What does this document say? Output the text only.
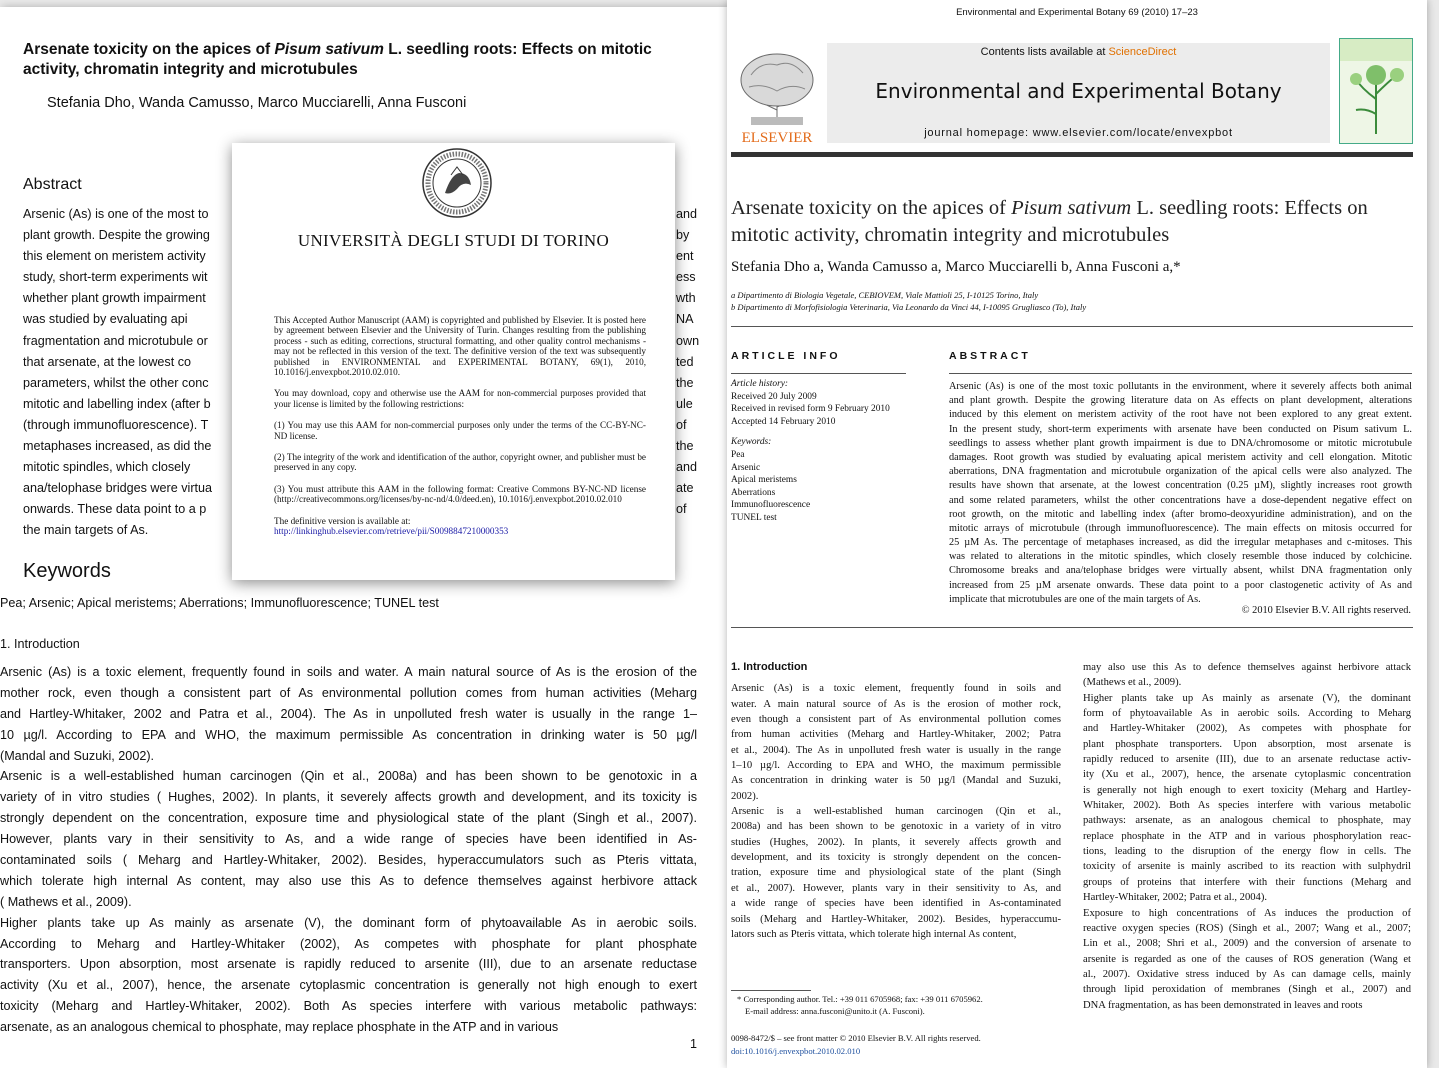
Arsenate toxicity on the apices of Pisum sativum L. seedling roots: Effects on mitotic activity, chromatin integrity and microtubules
Stefania Dho, Wanda Camusso, Marco Mucciarelli, Anna Fusconi
Abstract
Arsenic (As) is one of the most to
plant growth. Despite the growing
this element on meristem activity
study, short-term experiments wit
whether plant growth impairment
was studied by evaluating api
fragmentation and microtubule or
that arsenate, at the lowest co
parameters, whilst the other conc
mitotic and labelling index (after b
(through immunofluorescence). T
metaphases increased, as did the
mitotic spindles, which closely
ana/telophase bridges were virtua
onwards. These data point to a p
the main targets of As.
and
by
ent
ess
wth
NA
own
ted
the
ule
of
the
and
ate
of
Keywords
Pea; Arsenic; Apical meristems; Aberrations; Immunofluorescence; TUNEL test
1. Introduction
Arsenic (As) is a toxic element, frequently found in soils and water. A main natural source of As is the erosion of the
mother rock, even though a consistent part of As environmental pollution comes from human activities (Meharg
and Hartley-Whitaker, 2002 and Patra et al., 2004). The As in unpolluted fresh water is usually in the range 1–
10 µg/l. According to EPA and WHO, the maximum permissible As concentration in drinking water is 50 µg/l
(Mandal and Suzuki, 2002).
Arsenic is a well-established human carcinogen (Qin et al., 2008a) and has been shown to be genotoxic in a
variety of in vitro studies ( Hughes, 2002). In plants, it severely affects growth and development, and its toxicity is
strongly dependent on the concentration, exposure time and physiological state of the plant (Singh et al., 2007).
However, plants vary in their sensitivity to As, and a wide range of species have been identified in As-
contaminated soils ( Meharg and Hartley-Whitaker, 2002). Besides, hyperaccumulators such as Pteris vittata,
which tolerate high internal As content, may also use this As to defence themselves against herbivore attack
( Mathews et al., 2009).
Higher plants take up As mainly as arsenate (V), the dominant form of phytoavailable As in aerobic soils.
According to Meharg and Hartley-Whitaker (2002), As competes with phosphate for plant phosphate
transporters. Upon absorption, most arsenate is rapidly reduced to arsenite (III), due to an arsenate reductase
activity (Xu et al., 2007), hence, the arsenate cytoplasmic concentration is generally not high enough to exert
toxicity (Meharg and Hartley-Whitaker, 2002). Both As species interfere with various metabolic pathways:
arsenate, as an analogous chemical to phosphate, may replace phosphate in the ATP and in various
1
Environmental and Experimental Botany 69 (2010) 17–23
ELSEVIER
Contents lists available at ScienceDirect
Environmental and Experimental Botany
journal homepage: www.elsevier.com/locate/envexpbot
Arsenate toxicity on the apices of Pisum sativum L. seedling roots: Effects on mitotic activity, chromatin integrity and microtubules
Stefania Dho a, Wanda Camusso a, Marco Mucciarelli b, Anna Fusconi a,*
a Dipartimento di Biologia Vegetale, CEBIOVEM, Viale Mattioli 25, I-10125 Torino, Italy
b Dipartimento di Morfofisiologia Veterinaria, Via Leonardo da Vinci 44, I-10095 Grugliasco (To), Italy
ARTICLE INFO	ABSTRACT
Article history:
Received 20 July 2009
Received in revised form 9 February 2010
Accepted 14 February 2010
Keywords:
Pea
Arsenic
Apical meristems
Aberrations
Immunofluorescence
TUNEL test
Arsenic (As) is one of the most toxic pollutants in the environment, where it severely affects both animal
and plant growth. Despite the growing literature data on As effects on plant development, alterations
induced by this element on meristem activity of the root have not been explored to any great extent.
In the present study, short-term experiments with arsenate have been conducted on Pisum sativum L.
seedlings to assess whether plant growth impairment is due to DNA/chromosome or mitotic microtubule
damages. Root growth was studied by evaluating apical meristem activity and cell elongation. Mitotic
aberrations, DNA fragmentation and microtubule organization of the apical cells were also analyzed. The
results have shown that arsenate, at the lowest concentration (0.25 µM), slightly increases root growth
and some related parameters, whilst the other concentrations have a dose-dependent negative effect on
root growth, on the mitotic and labelling index (after bromo-deoxyuridine administration), and on the
mitotic arrays of microtubule (through immunofluorescence). The main effects on mitosis occurred for
25 µM As. The percentage of metaphases increased, as did the irregular metaphases and c-mitoses. This
was related to alterations in the mitotic spindles, which closely resemble those induced by colchicine.
Chromosome breaks and ana/telophase bridges were virtually absent, whilst DNA fragmentation only
increased from 25 µM arsenate onwards. These data point to a poor clastogenetic activity of As and
implicate that microtubules are one of the main targets of As.
© 2010 Elsevier B.V. All rights reserved.
1. Introduction
Arsenic (As) is a toxic element, frequently found in soils and
water. A main natural source of As is the erosion of mother rock,
even though a consistent part of As environmental pollution comes
from human activities (Meharg and Hartley-Whitaker, 2002; Patra
et al., 2004). The As in unpolluted fresh water is usually in the range
1–10 µg/l. According to EPA and WHO, the maximum permissible
As concentration in drinking water is 50 µg/l (Mandal and Suzuki,
2002).
Arsenic is a well-established human carcinogen (Qin et al.,
2008a) and has been shown to be genotoxic in a variety of in vitro
studies (Hughes, 2002). In plants, it severely affects growth and
development, and its toxicity is strongly dependent on the concen-
tration, exposure time and physiological state of the plant (Singh
et al., 2007). However, plants vary in their sensitivity to As, and
a wide range of species have been identified in As-contaminated
soils (Meharg and Hartley-Whitaker, 2002). Besides, hyperaccumu-
lators such as Pteris vittata, which tolerate high internal As content,
may also use this As to defence themselves against herbivore attack
(Mathews et al., 2009).
Higher plants take up As mainly as arsenate (V), the dominant
form of phytoavailable As in aerobic soils. According to Meharg
and Hartley-Whitaker (2002), As competes with phosphate for
plant phosphate transporters. Upon absorption, most arsenate is
rapidly reduced to arsenite (III), due to an arsenate reductase activ-
ity (Xu et al., 2007), hence, the arsenate cytoplasmic concentration
is generally not high enough to exert toxicity (Meharg and Hartley-
Whitaker, 2002). Both As species interfere with various metabolic
pathways: arsenate, as an analogous chemical to phosphate, may
replace phosphate in the ATP and in various phosphorylation reac-
tions, leading to the disruption of the energy flow in cells. The
toxicity of arsenite is mainly ascribed to its reaction with sulphydril
groups of proteins that interfere with their functions (Meharg and
Hartley-Whitaker, 2002; Patra et al., 2004).
Exposure to high concentrations of As induces the production of
reactive oxygen species (ROS) (Singh et al., 2007; Wang et al., 2007;
Lin et al., 2008; Shri et al., 2009) and the conversion of arsenate to
arsenite is regarded as one of the causes of ROS generation (Wang et
al., 2007). Oxidative stress induced by As can damage cells, mainly
through lipid peroxidation of membranes (Singh et al., 2007) and
DNA fragmentation, as has been demonstrated in leaves and roots
* Corresponding author. Tel.: +39 011 6705968; fax: +39 011 6705962.
E-mail address: anna.fusconi@unito.it (A. Fusconi).
0098-8472/$ – see front matter © 2010 Elsevier B.V. All rights reserved.
doi:10.1016/j.envexpbot.2010.02.010
UNIVERSITÀ DEGLI STUDI DI TORINO

This Accepted Author Manuscript (AAM) is copyrighted and published by Elsevier. It is posted here by agreement between Elsevier and the University of Turin. Changes resulting from the publishing process - such as editing, corrections, structural formatting, and other quality control mechanisms - may not be reflected in this version of the text. The definitive version of the text was subsequently published in ENVIRONMENTAL and EXPERIMENTAL BOTANY, 69(1), 2010, 10.1016/j.envexpbot.2010.02.010.

You may download, copy and otherwise use the AAM for non-commercial purposes provided that your license is limited by the following restrictions:

(1) You may use this AAM for non-commercial purposes only under the terms of the CC-BY-NC-ND license.

(2) The integrity of the work and identification of the author, copyright owner, and publisher must be preserved in any copy.

(3) You must attribute this AAM in the following format: Creative Commons BY-NC-ND license (http://creativecommons.org/licenses/by-nc-nd/4.0/deed.en), 10.1016/j.envexpbot.2010.02.010

The definitive version is available at:

http://linkinghub.elsevier.com/retrieve/pii/S0098847210000353
